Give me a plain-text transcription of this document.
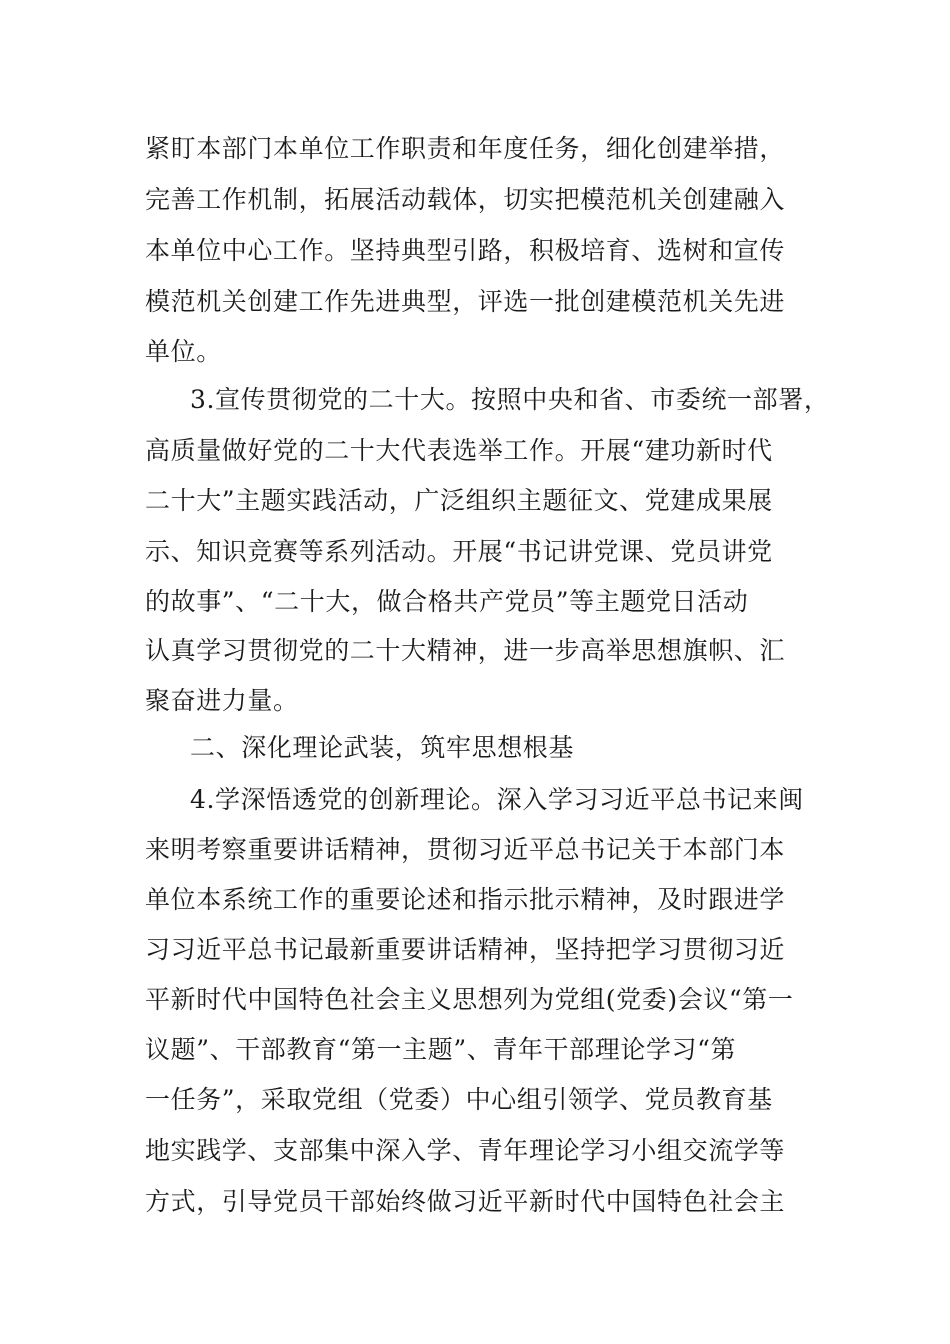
紧盯本部门本单位工作职责和年度任务，细化创建举措，

完善工作机制，拓展活动载体，切实把模范机关创建融入

本单位中心工作。坚持典型引路，积极培育、选树和宣传

模范机关创建工作先进典型，评选一批创建模范机关先进

单位。

3.宣传贯彻党的二十大。按照中央和省、市委统一部署，

高质量做好党的二十大代表选举工作。开展“建功新时代

二十大”主题实践活动，广泛组织主题征文、党建成果展

示、知识竞赛等系列活动。开展“书记讲党课、党员讲党

的故事”、“二十大，做合格共产党员”等主题党日活动

认真学习贯彻党的二十大精神，进一步高举思想旗帜、汇

聚奋进力量。

二、深化理论武装，筑牢思想根基

4.学深悟透党的创新理论。深入学习习近平总书记来闽

来明考察重要讲话精神，贯彻习近平总书记关于本部门本

单位本系统工作的重要论述和指示批示精神，及时跟进学

习习近平总书记最新重要讲话精神，坚持把学习贯彻习近

平新时代中国特色社会主义思想列为党组(党委)会议“第一

议题”、干部教育“第一主题”、青年干部理论学习“第

一任务”，采取党组（党委）中心组引领学、党员教育基

地实践学、支部集中深入学、青年理论学习小组交流学等

方式，引导党员干部始终做习近平新时代中国特色社会主
